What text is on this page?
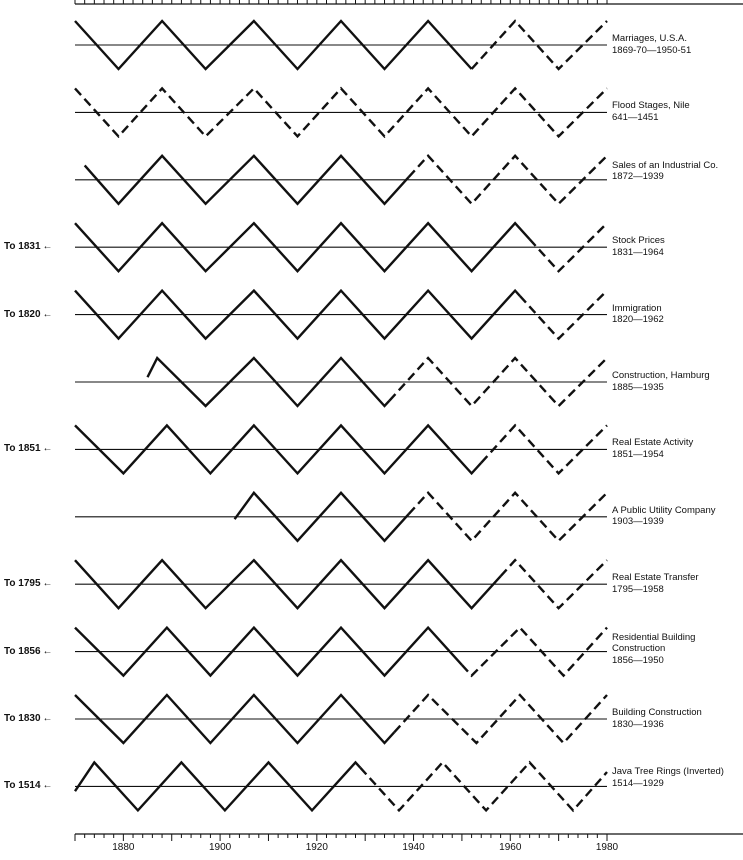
1880	1900	1920	1940	1960	1980
Marriages, U.S.A.
1869-70—1950-51
Flood Stages, Nile
641—1451
Sales of an Industrial Co.
1872—1939
Stock Prices
1831—1964
To 1831 ←
Immigration
1820—1962
To 1820 ←
Construction, Hamburg
1885—1935
Real Estate Activity
1851—1954
To 1851 ←
A Public Utility Company
1903—1939
Real Estate Transfer
1795—1958
To 1795 ←
Residential Building Construction
1856—1950
To 1856 ←
Building Construction
1830—1936
To 1830 ←
Java Tree Rings (Inverted)
1514—1929
To 1514 ←
